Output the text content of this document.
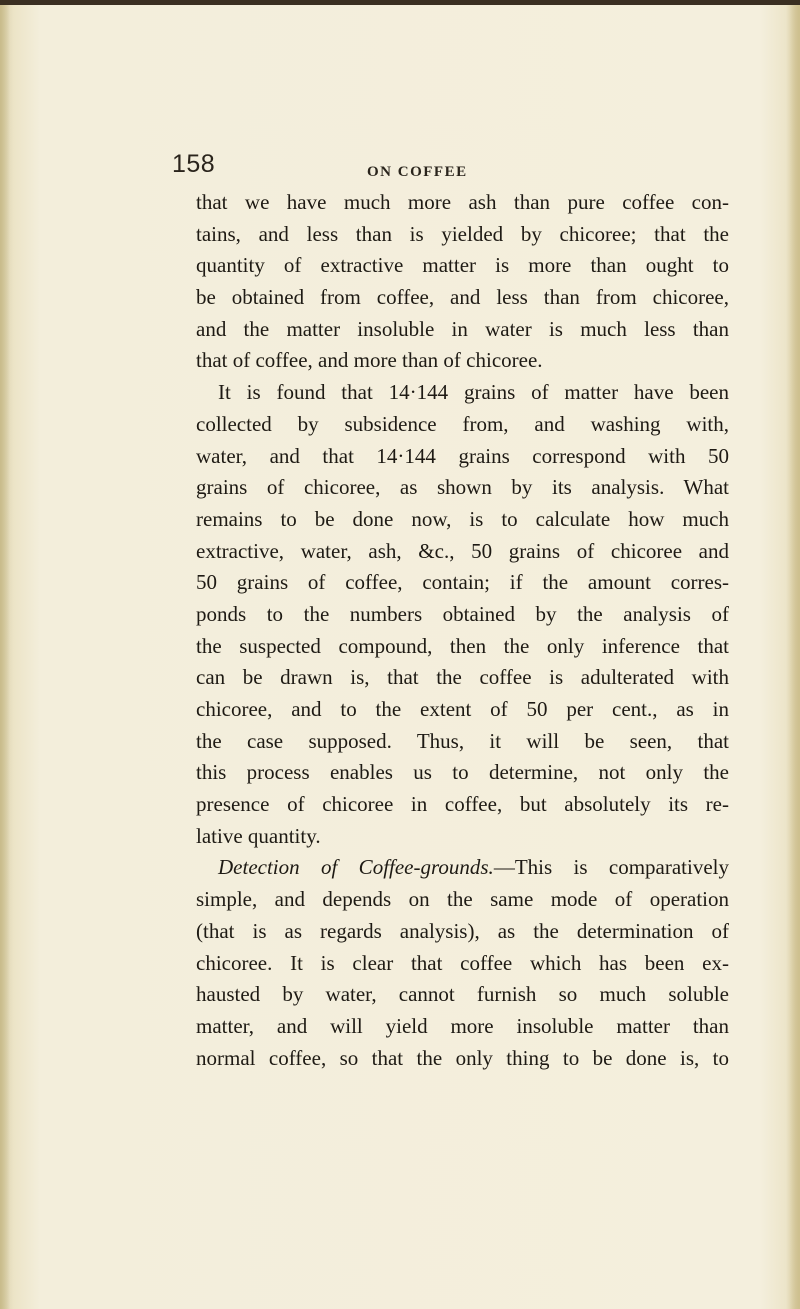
158	ON COFFEE
that we have much more ash than pure coffee con-
tains, and less than is yielded by chicoree; that the
quantity of extractive matter is more than ought to
be obtained from coffee, and less than from chicoree,
and the matter insoluble in water is much less than
that of coffee, and more than of chicoree.
It is found that 14·144 grains of matter have been
collected by subsidence from, and washing with,
water, and that 14·144 grains correspond with 50
grains of chicoree, as shown by its analysis. What
remains to be done now, is to calculate how much
extractive, water, ash, &c., 50 grains of chicoree and
50 grains of coffee, contain; if the amount corres-
ponds to the numbers obtained by the analysis of
the suspected compound, then the only inference that
can be drawn is, that the coffee is adulterated with
chicoree, and to the extent of 50 per cent., as in
the case supposed. Thus, it will be seen, that
this process enables us to determine, not only the
presence of chicoree in coffee, but absolutely its re-
lative quantity.
Detection of Coffee-grounds.—This is comparatively
simple, and depends on the same mode of operation
(that is as regards analysis), as the determination of
chicoree. It is clear that coffee which has been ex-
hausted by water, cannot furnish so much soluble
matter, and will yield more insoluble matter than
normal coffee, so that the only thing to be done is, to
